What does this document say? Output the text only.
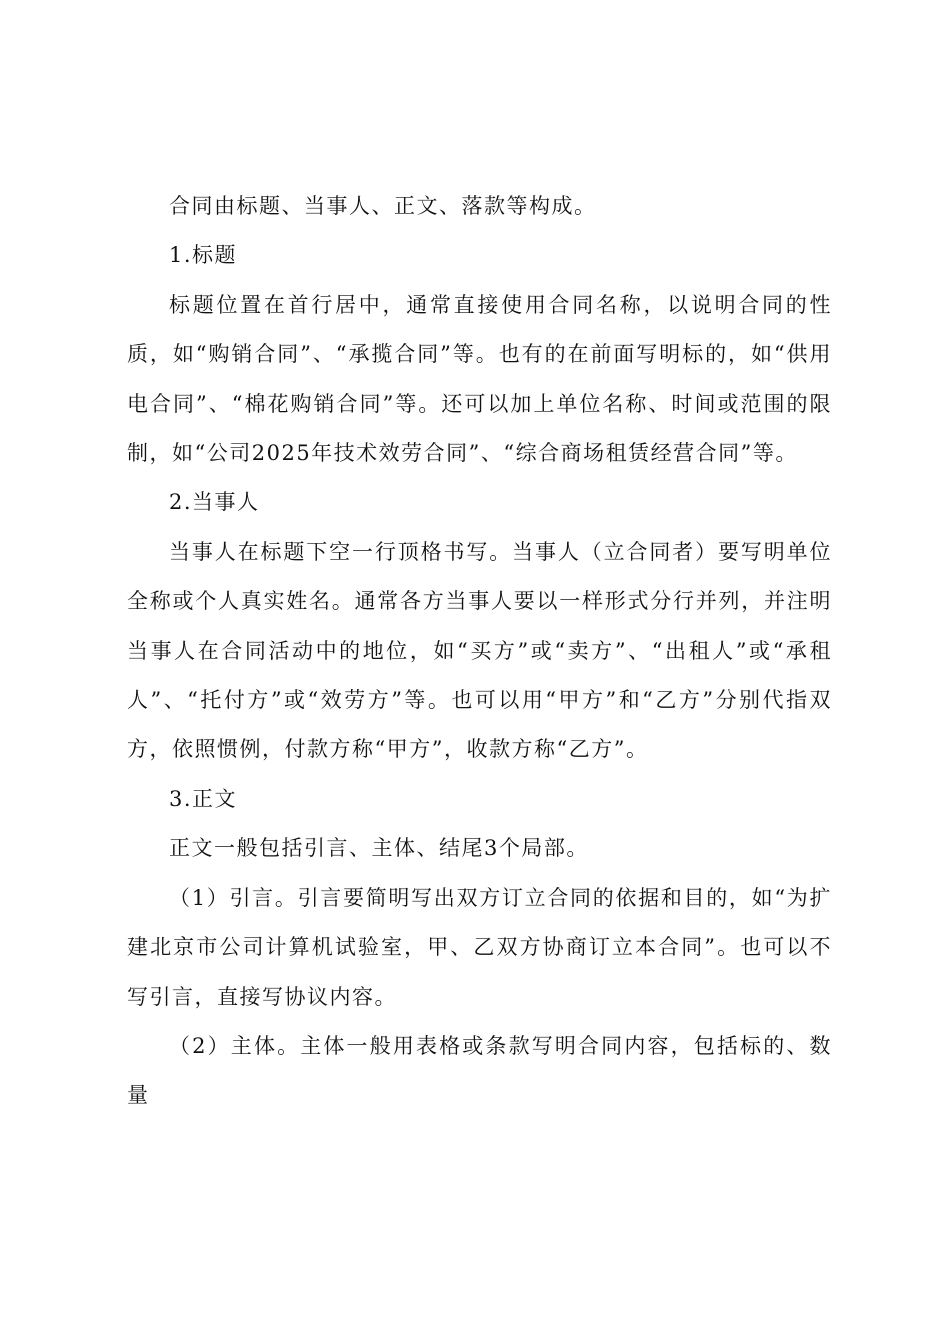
合同由标题、当事人、正文、落款等构成。

1.标题

标题位置在首行居中，通常直接使用合同名称，以说明合同的性质，如“购销合同”、“承揽合同”等。也有的在前面写明标的，如“供用电合同”、“棉花购销合同”等。还可以加上单位名称、时间或范围的限制，如“公司2025年技术效劳合同”、“综合商场租赁经营合同”等。

2.当事人

当事人在标题下空一行顶格书写。当事人（立合同者）要写明单位全称或个人真实姓名。通常各方当事人要以一样形式分行并列，并注明当事人在合同活动中的地位，如“买方”或“卖方”、“出租人”或“承租人”、“托付方”或“效劳方”等。也可以用“甲方”和“乙方”分别代指双方，依照惯例，付款方称“甲方”，收款方称“乙方”。

3.正文

正文一般包括引言、主体、结尾3个局部。

（1）引言。引言要简明写出双方订立合同的依据和目的，如“为扩建北京市公司计算机试验室，甲、乙双方协商订立本合同”。也可以不写引言，直接写协议内容。

（2）主体。主体一般用表格或条款写明合同内容，包括标的、数量
